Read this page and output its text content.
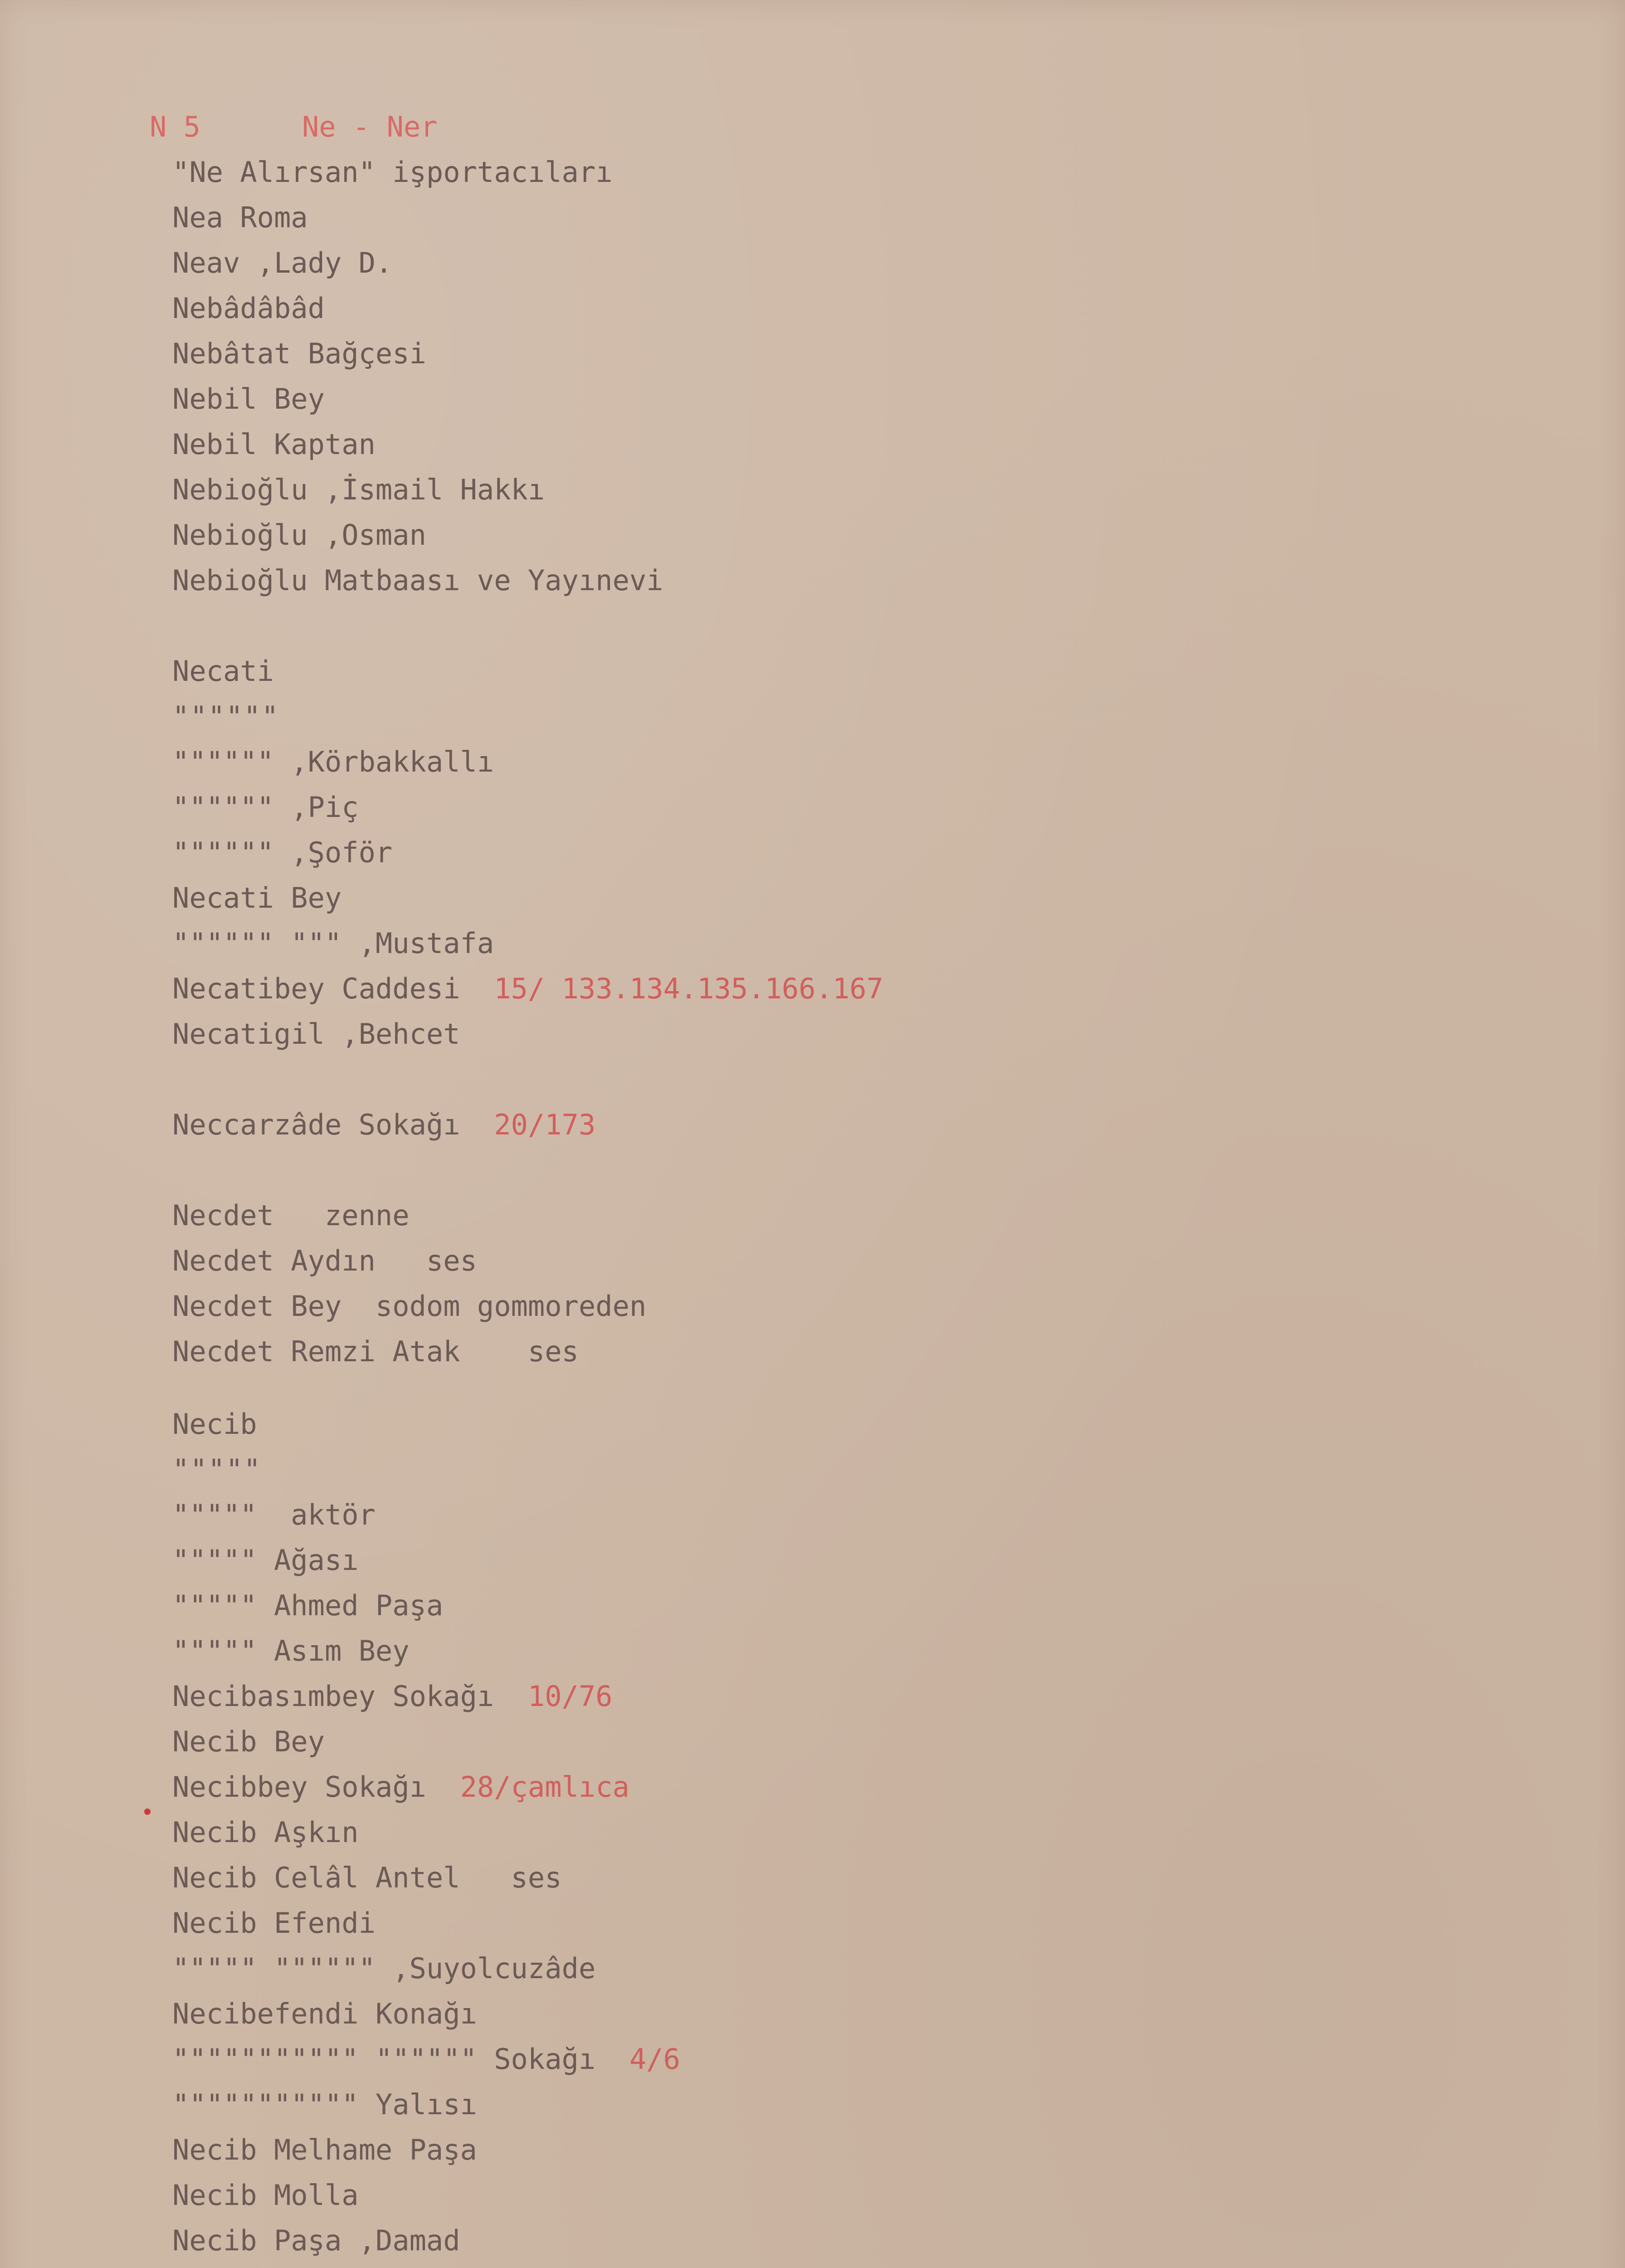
N 5	Ne - Ner
"Ne Alırsan" işportacıları
Nea Roma
Neav ,Lady D.
Nebâdâbâd
Nebâtat Bağçesi
Nebil Bey
Nebil Kaptan
Nebioğlu ,İsmail Hakkı
Nebioğlu ,Osman
Nebioğlu Matbaası ve Yayınevi
Necati
""""""
"""""" ,Körbakkallı
"""""" ,Piç
"""""" ,Şoför
Necati Bey
"""""" """ ,Mustafa
Necatibey Caddesi 15/ 133.134.135.166.167
Necatigil ,Behcet
Neccarzâde Sokağı 20/173
Necdet   zenne
Necdet Aydın   ses
Necdet Bey  sodom gommoreden
Necdet Remzi Atak    ses
Necib
"""""
"""""  aktör
""""" Ağası
""""" Ahmed Paşa
""""" Asım Bey
Necibasımbey Sokağı 10/76
Necib Bey
Necibbey Sokağı 28/çamlıca
Necib Aşkın
Necib Celâl Antel   ses
Necib Efendi
""""" """""" ,Suyolcuzâde
Necibefendi Konağı
""""""""""" """""" Sokağı 4/6
""""""""""" Yalısı
Necib Melhame Paşa
Necib Molla
Necib Paşa ,Damad
